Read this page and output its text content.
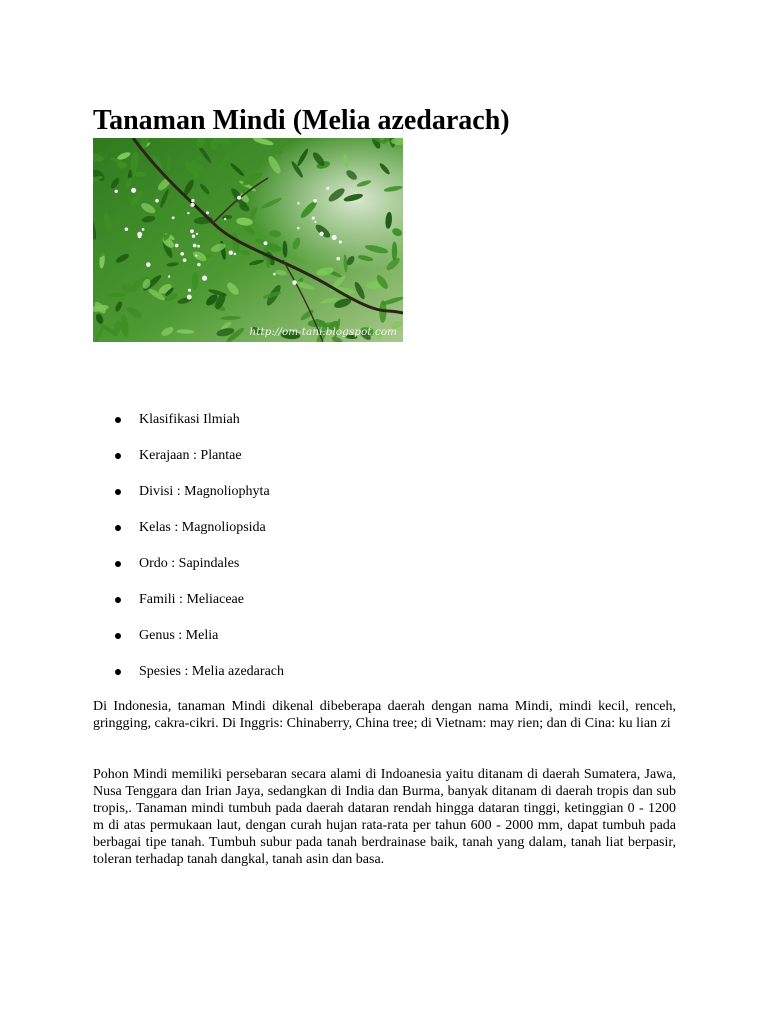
Tanaman Mindi (Melia azedarach)
http://om-tani.blogspot.com
Klasifikasi Ilmiah
Kerajaan : Plantae
Divisi : Magnoliophyta
Kelas : Magnoliopsida
Ordo : Sapindales
Famili : Meliaceae
Genus : Melia
Spesies : Melia azedarach

Di Indonesia, tanaman Mindi dikenal dibeberapa daerah dengan nama Mindi, mindi kecil, renceh, gringging, cakra-cikri. Di Inggris: Chinaberry, China tree; di Vietnam: may rien; dan di Cina: ku lian zi

Pohon Mindi memiliki persebaran secara alami di Indoanesia yaitu ditanam di daerah Sumatera, Jawa, Nusa Tenggara dan Irian Jaya, sedangkan di India dan Burma, banyak ditanam di daerah tropis dan sub tropis,. Tanaman mindi tumbuh pada daerah dataran rendah hingga dataran tinggi, ketinggian 0 - 1200 m di atas permukaan laut, dengan curah hujan rata-rata per tahun 600 - 2000 mm, dapat tumbuh pada berbagai tipe tanah. Tumbuh subur pada tanah berdrainase baik, tanah yang dalam, tanah liat berpasir, toleran terhadap tanah dangkal, tanah asin dan basa.
